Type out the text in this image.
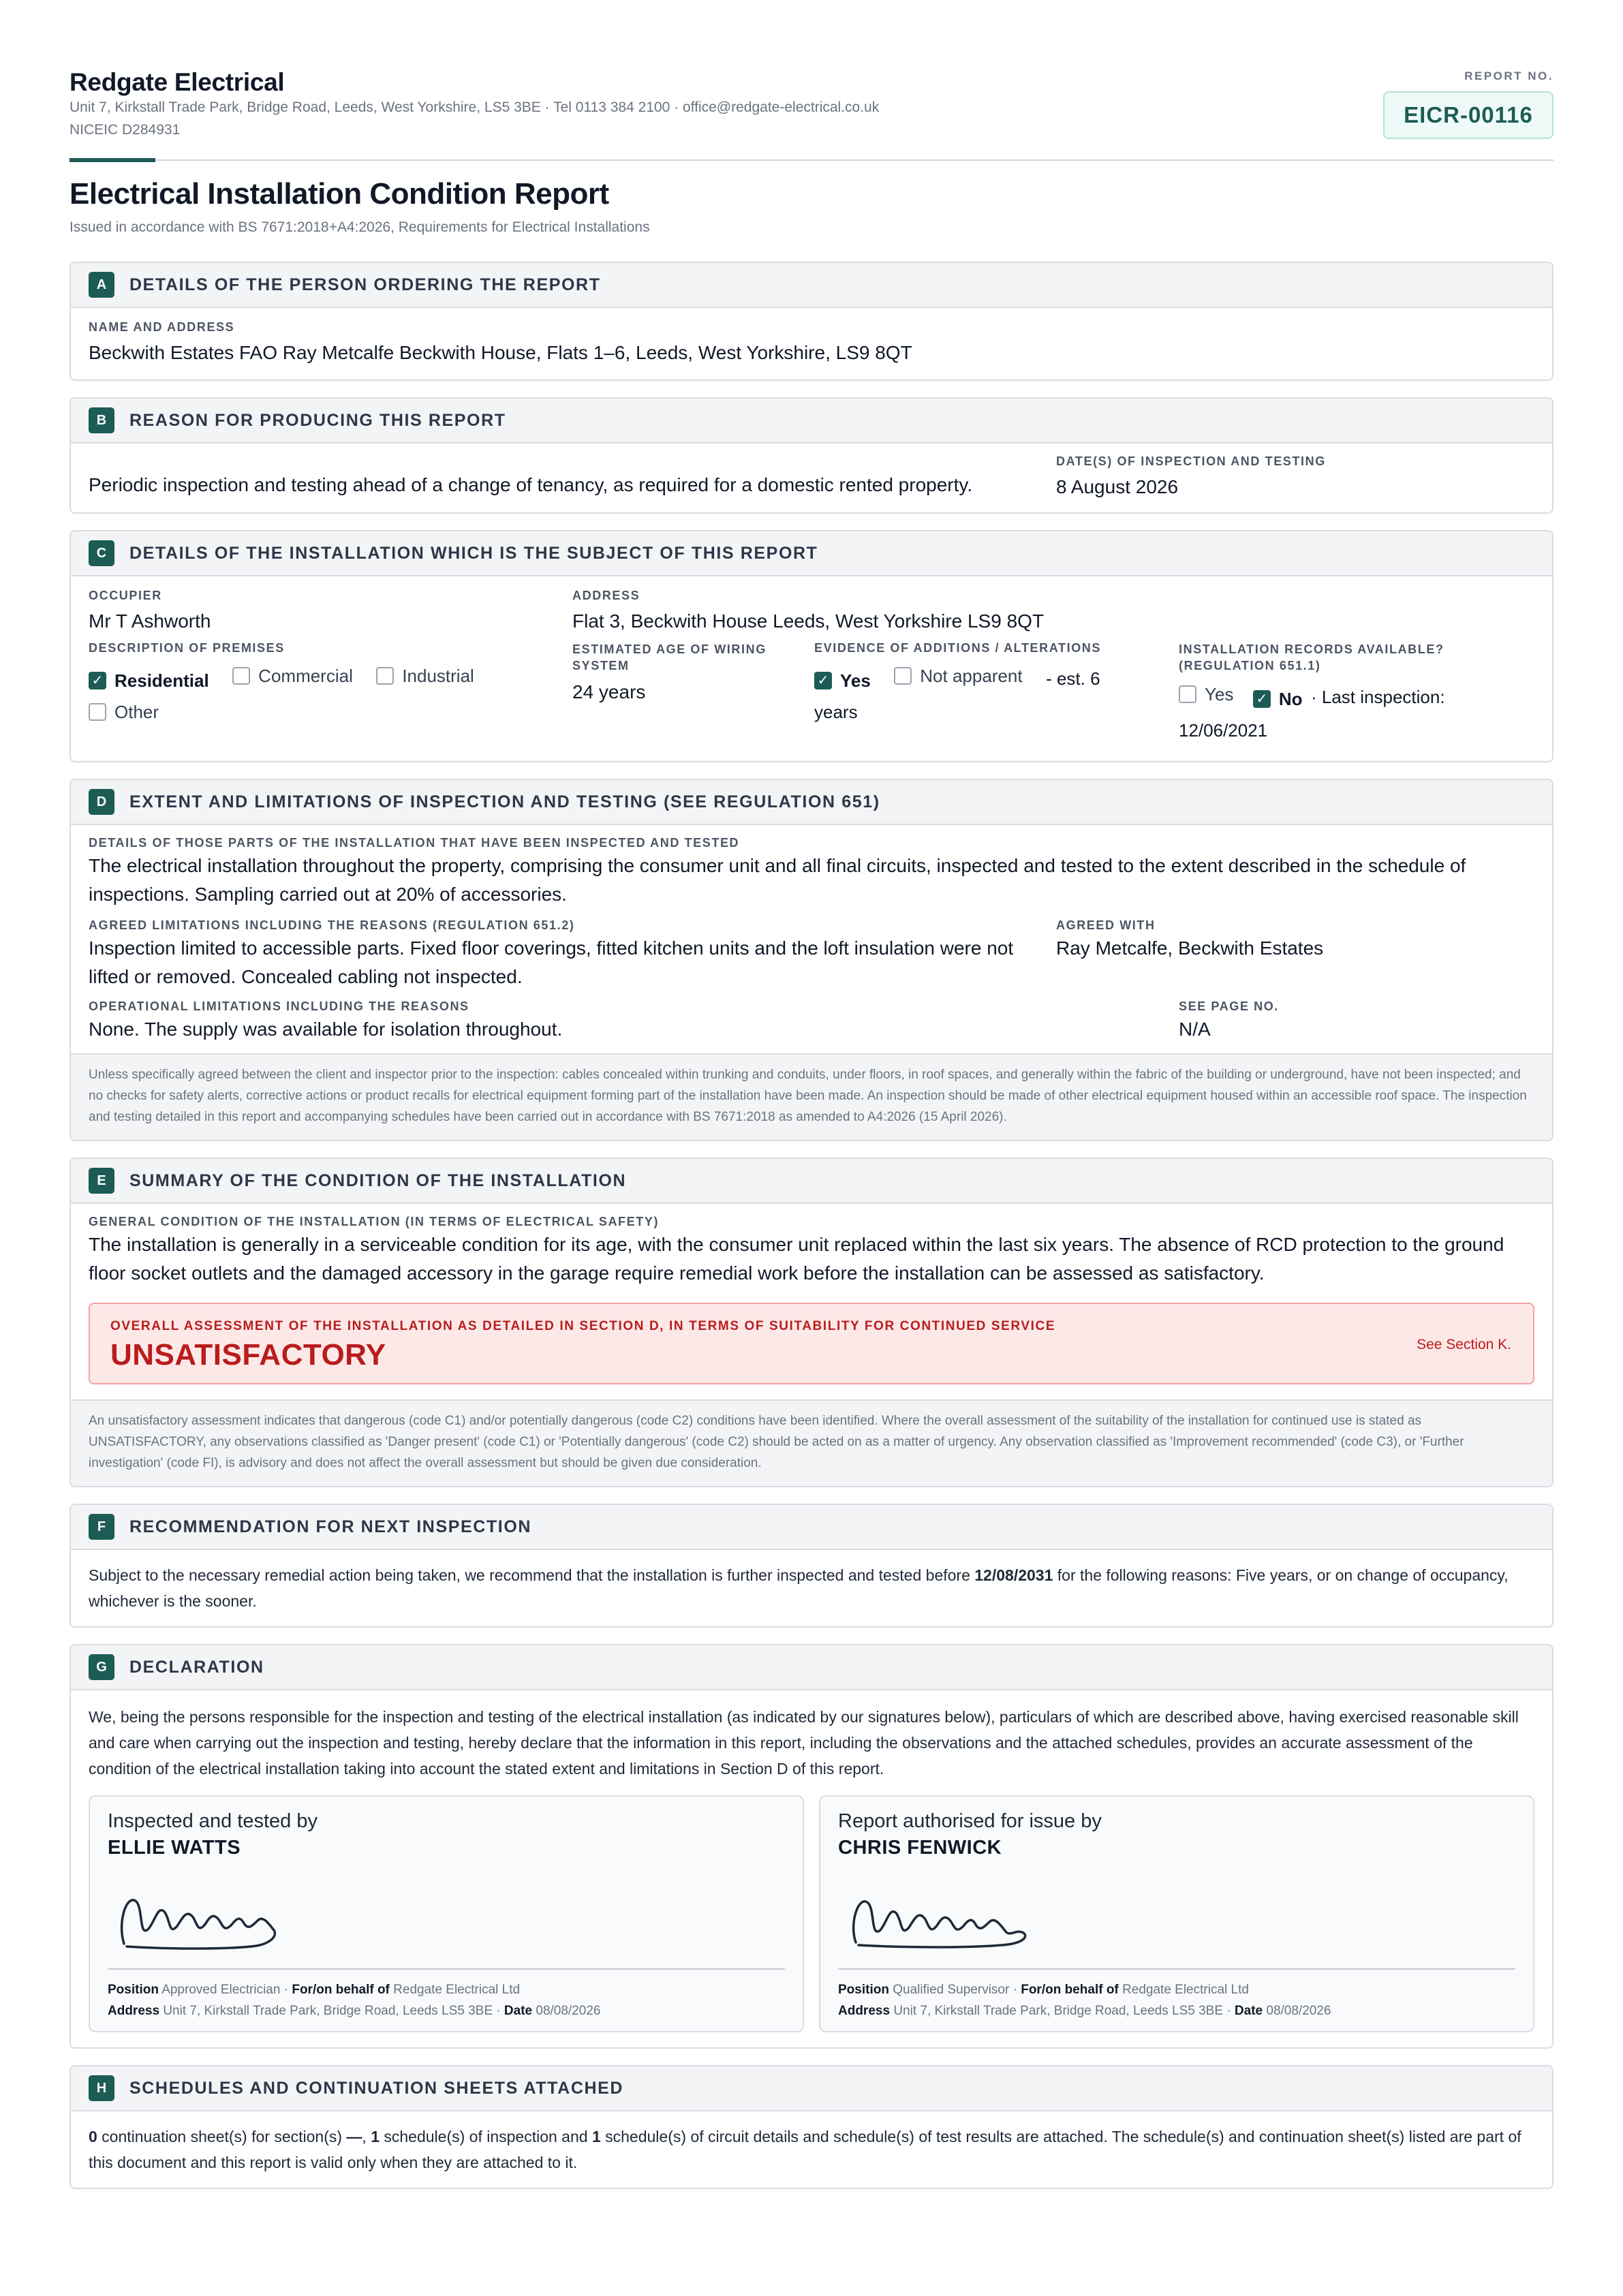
Redgate Electrical
Unit 7, Kirkstall Trade Park, Bridge Road, Leeds, West Yorkshire, LS5 3BE · Tel 0113 384 2100 · office@redgate-electrical.co.uk
NICEIC D284931
REPORT NO.
EICR-00116
Electrical Installation Condition Report
Issued in accordance with BS 7671:2018+A4:2026, Requirements for Electrical Installations
A	DETAILS OF THE PERSON ORDERING THE REPORT
NAME AND ADDRESS
Beckwith Estates FAO Ray Metcalfe Beckwith House, Flats 1–6, Leeds, West Yorkshire, LS9 8QT
B	REASON FOR PRODUCING THIS REPORT
Periodic inspection and testing ahead of a change of tenancy, as required for a domestic rented property.
DATE(S) OF INSPECTION AND TESTING
8 August 2026
C	DETAILS OF THE INSTALLATION WHICH IS THE SUBJECT OF THIS REPORT
OCCUPIER
Mr T Ashworth
ADDRESS
Flat 3, Beckwith House Leeds, West Yorkshire LS9 8QT
DESCRIPTION OF PREMISES
✓ Residential
	Commercial
	Industrial

Other
ESTIMATED AGE OF WIRING SYSTEM
24 years
EVIDENCE OF ADDITIONS / ALTERATIONS
✓ Yes
	Not apparent - est. 6
years
INSTALLATION RECORDS AVAILABLE? (REGULATION 651.1)
Yes
✓ No · Last inspection:
12/06/2021
D	EXTENT AND LIMITATIONS OF INSPECTION AND TESTING (SEE REGULATION 651)
DETAILS OF THOSE PARTS OF THE INSTALLATION THAT HAVE BEEN INSPECTED AND TESTED
The electrical installation throughout the property, comprising the consumer unit and all final circuits, inspected and tested to the extent described in the schedule of inspections. Sampling carried out at 20% of accessories.
AGREED LIMITATIONS INCLUDING THE REASONS (REGULATION 651.2)
Inspection limited to accessible parts. Fixed floor coverings, fitted kitchen units and the loft insulation were not lifted or removed. Concealed cabling not inspected.
AGREED WITH
Ray Metcalfe, Beckwith Estates
OPERATIONAL LIMITATIONS INCLUDING THE REASONS
None. The supply was available for isolation throughout.
SEE PAGE NO.
N/A
Unless specifically agreed between the client and inspector prior to the inspection: cables concealed within trunking and conduits, under floors, in roof spaces, and generally within the fabric of the building or underground, have not been inspected; and no checks for safety alerts, corrective actions or product recalls for electrical equipment forming part of the installation have been made. An inspection should be made of other electrical equipment housed within an accessible roof space. The inspection and testing detailed in this report and accompanying schedules have been carried out in accordance with BS 7671:2018 as amended to A4:2026 (15 April 2026).
E	SUMMARY OF THE CONDITION OF THE INSTALLATION
GENERAL CONDITION OF THE INSTALLATION (IN TERMS OF ELECTRICAL SAFETY)
The installation is generally in a serviceable condition for its age, with the consumer unit replaced within the last six years. The absence of RCD protection to the ground floor socket outlets and the damaged accessory in the garage require remedial work before the installation can be assessed as satisfactory.
OVERALL ASSESSMENT OF THE INSTALLATION AS DETAILED IN SECTION D, IN TERMS OF SUITABILITY FOR CONTINUED SERVICE
UNSATISFACTORY	See Section K.
An unsatisfactory assessment indicates that dangerous (code C1) and/or potentially dangerous (code C2) conditions have been identified. Where the overall assessment of the suitability of the installation for continued use is stated as UNSATISFACTORY, any observations classified as 'Danger present' (code C1) or 'Potentially dangerous' (code C2) should be acted on as a matter of urgency. Any observation classified as 'Improvement recommended' (code C3), or 'Further investigation' (code FI), is advisory and does not affect the overall assessment but should be given due consideration.
F	RECOMMENDATION FOR NEXT INSPECTION
Subject to the necessary remedial action being taken, we recommend that the installation is further inspected and tested before 12/08/2031 for the following reasons: Five years, or on change of occupancy, whichever is the sooner.
G	DECLARATION
We, being the persons responsible for the inspection and testing of the electrical installation (as indicated by our signatures below), particulars of which are described above, having exercised reasonable skill and care when carrying out the inspection and testing, hereby declare that the information in this report, including the observations and the attached schedules, provides an accurate assessment of the condition of the electrical installation taking into account the stated extent and limitations in Section D of this report.
Inspected and tested by
ELLIE WATTS
Position Approved Electrician · For/on behalf of Redgate Electrical Ltd
Address Unit 7, Kirkstall Trade Park, Bridge Road, Leeds LS5 3BE · Date 08/08/2026
Report authorised for issue by
CHRIS FENWICK
Position Qualified Supervisor · For/on behalf of Redgate Electrical Ltd
Address Unit 7, Kirkstall Trade Park, Bridge Road, Leeds LS5 3BE · Date 08/08/2026
H	SCHEDULES AND CONTINUATION SHEETS ATTACHED
0 continuation sheet(s) for section(s) —, 1 schedule(s) of inspection and 1 schedule(s) of circuit details and schedule(s) of test results are attached. The schedule(s) and continuation sheet(s) listed are part of this document and this report is valid only when they are attached to it.
